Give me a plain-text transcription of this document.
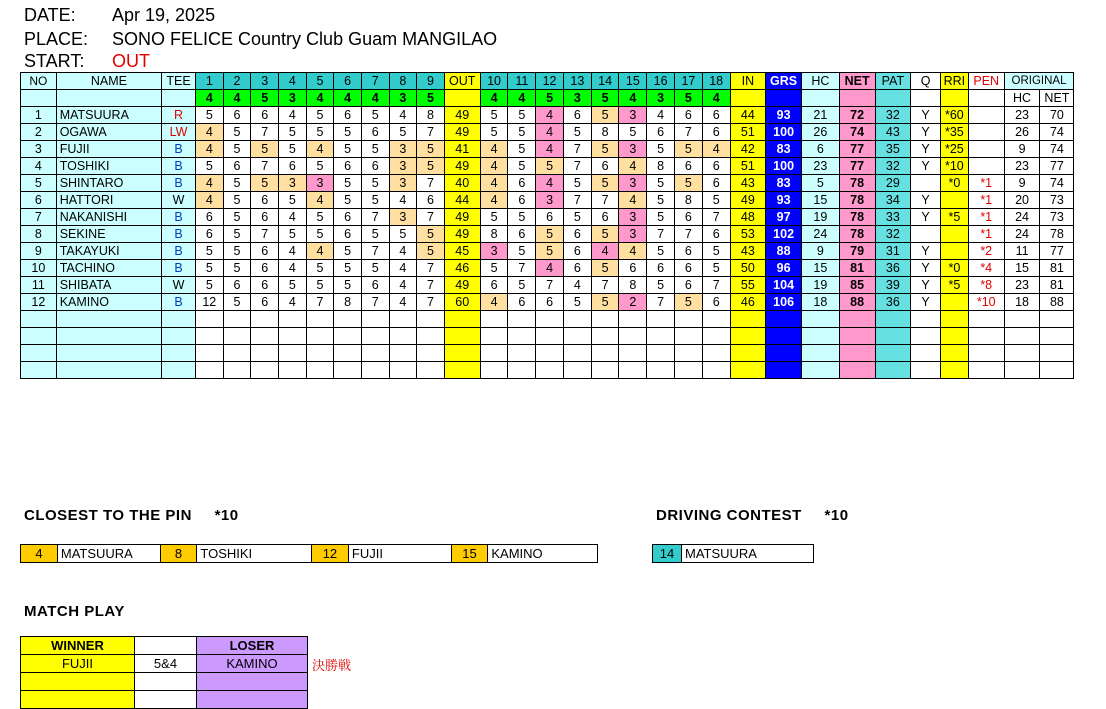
DATE: Apr 19, 2025
PLACE: SONO FELICE Country Club Guam MANGILAO
START: OUT
NO	NAME	TEE	1	2	3	4	5	6	7	8	9	OUT	10	11	12	13	14	15	16	17	18	IN	GRS	HC	NET	PAT	Q	RRI	PEN	ORIGINAL	
			4	4	5	3	4	4	4	3	5		4	4	5	3	5	4	3	5	4									HC	NET
1	MATSUURA	R	5	6	6	4	5	6	5	4	8	49	5	5	4	6	5	3	4	6	6	44	93	21	72	32	Y	*60		23	70
2	OGAWA	LW	4	5	7	5	5	5	6	5	7	49	5	5	4	5	8	5	6	7	6	51	100	26	74	43	Y	*35		26	74
3	FUJII	B	4	5	5	5	4	5	5	3	5	41	4	5	4	7	5	3	5	5	4	42	83	6	77	35	Y	*25		9	74
4	TOSHIKI	B	5	6	7	6	5	6	6	3	5	49	4	5	5	7	6	4	8	6	6	51	100	23	77	32	Y	*10		23	77
5	SHINTARO	B	4	5	5	3	3	5	5	3	7	40	4	6	4	5	5	3	5	5	6	43	83	5	78	29		*0	*1	9	74
6	HATTORI	W	4	5	6	5	4	5	5	4	6	44	4	6	3	7	7	4	5	8	5	49	93	15	78	34	Y		*1	20	73
7	NAKANISHI	B	6	5	6	4	5	6	7	3	7	49	5	5	6	5	6	3	5	6	7	48	97	19	78	33	Y	*5	*1	24	73
8	SEKINE	B	6	5	7	5	5	6	5	5	5	49	8	6	5	6	5	3	7	7	6	53	102	24	78	32			*1	24	78
9	TAKAYUKI	B	5	5	6	4	4	5	7	4	5	45	3	5	5	6	4	4	5	6	5	43	88	9	79	31	Y		*2	11	77
10	TACHINO	B	5	5	6	4	5	5	5	4	7	46	5	7	4	6	5	6	6	6	5	50	96	15	81	36	Y	*0	*4	15	81
11	SHIBATA	W	5	6	6	5	5	5	6	4	7	49	6	5	7	4	7	8	5	6	7	55	104	19	85	39	Y	*5	*8	23	81
12	KAMINO	B	12	5	6	4	7	8	7	4	7	60	4	6	6	5	5	2	7	5	6	46	106	18	88	36	Y		*10	18	88

CLOSEST TO THE PIN *10	DRIVING CONTEST *10
4	MATSUURA	8	TOSHIKI	12	FUJII	15	KAMINO	14 MATSUURA
MATCH PLAY
WINNER		LOSER
FUJII	5&4	KAMINO 決勝戦
